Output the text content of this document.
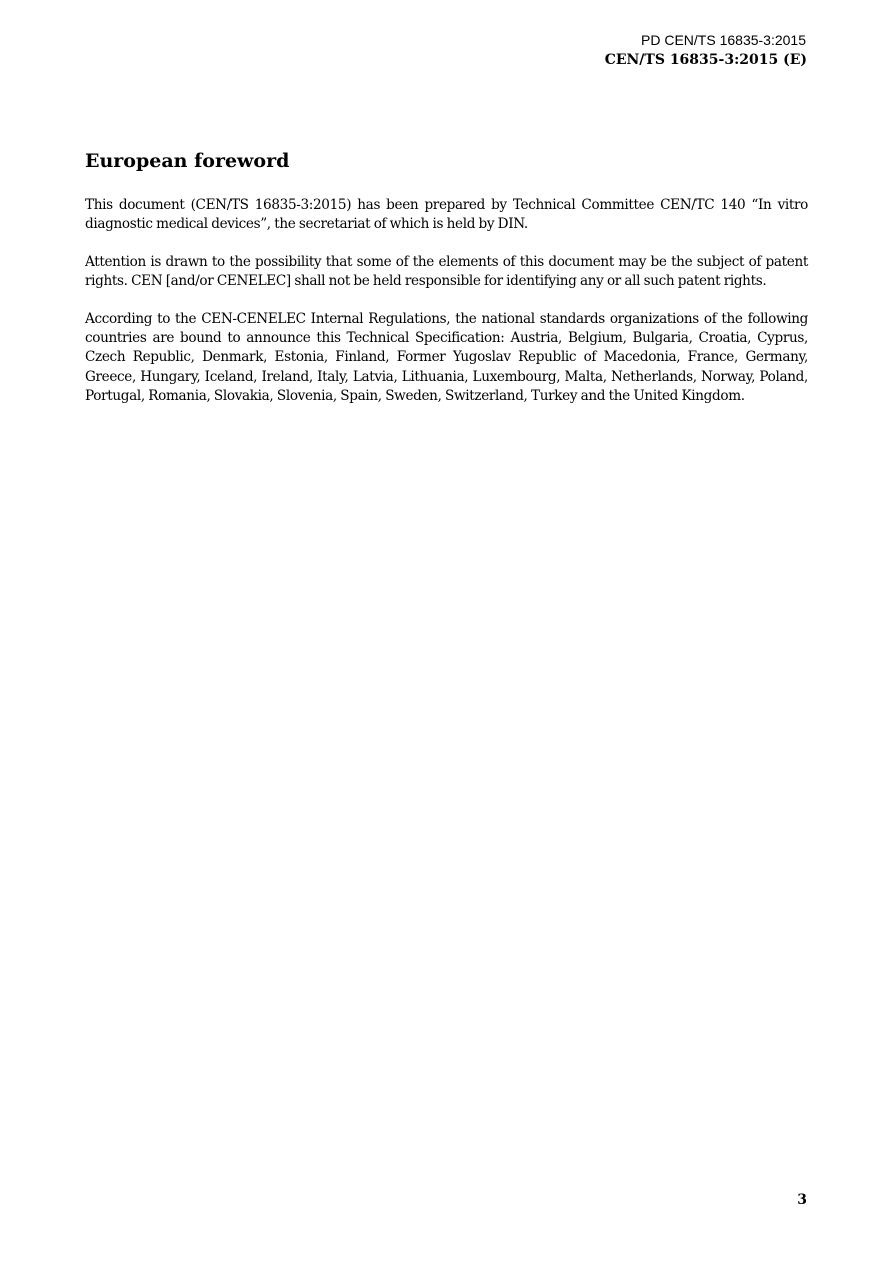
PD CEN/TS 16835-3:2015
CEN/TS 16835-3:2015 (E)
European foreword

This document (CEN/TS 16835-3:2015) has been prepared by Technical Committee CEN/TC 140 “In vitro diagnostic medical devices”, the secretariat of which is held by DIN.

Attention is drawn to the possibility that some of the elements of this document may be the subject of patent rights. CEN [and/or CENELEC] shall not be held responsible for identifying any or all such patent rights.

According to the CEN-CENELEC Internal Regulations, the national standards organizations of the following countries are bound to announce this Technical Specification: Austria, Belgium, Bulgaria, Croatia, Cyprus, Czech Republic, Denmark, Estonia, Finland, Former Yugoslav Republic of Macedonia, France, Germany, Greece, Hungary, Iceland, Ireland, Italy, Latvia, Lithuania, Luxembourg, Malta, Netherlands, Norway, Poland, Portugal, Romania, Slovakia, Slovenia, Spain, Sweden, Switzerland, Turkey and the United Kingdom.

3
